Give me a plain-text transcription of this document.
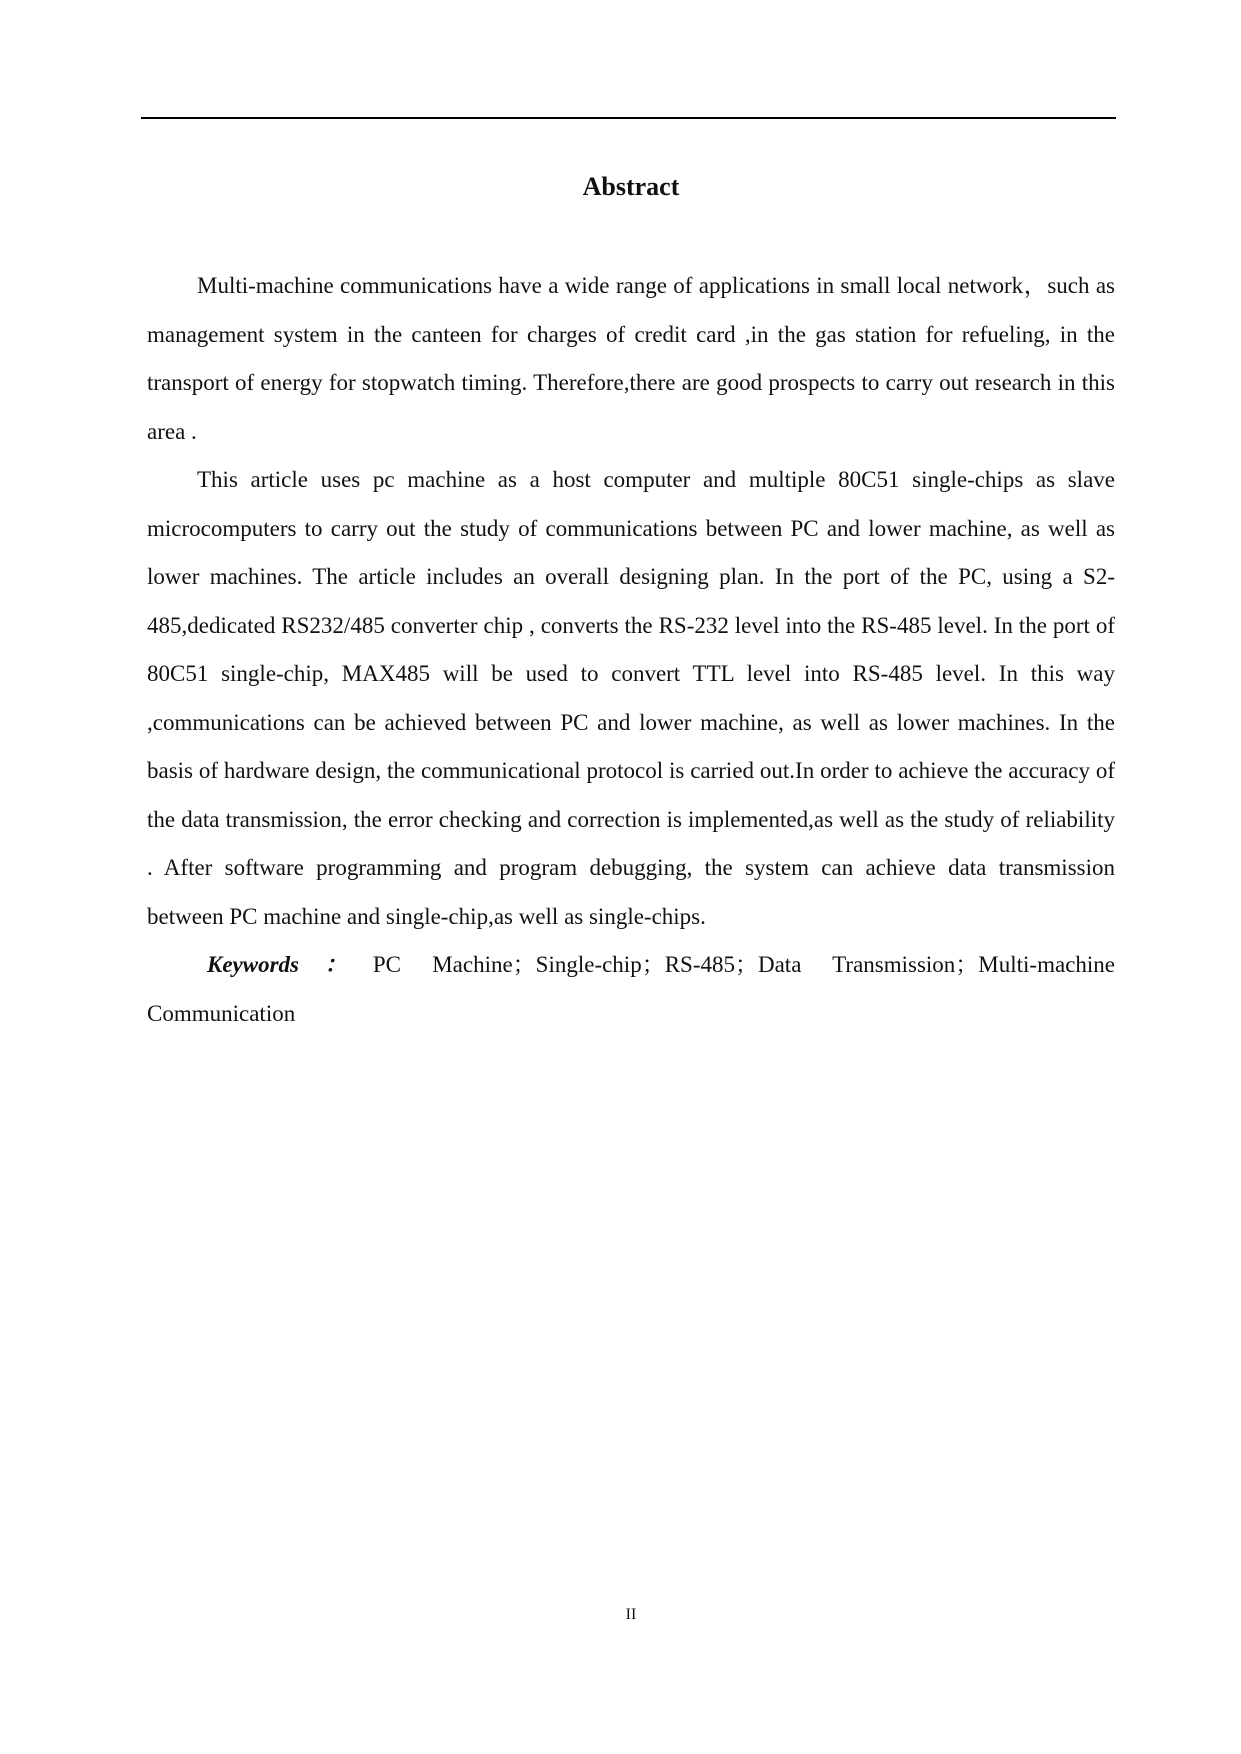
Abstract

Multi-machine communications have a wide range of applications in small local network，such as management system in the canteen for charges of credit card ,in the gas station for refueling, in the transport of energy for stopwatch timing. Therefore,there are good prospects to carry out research in this area .

This article uses pc machine as a host computer and multiple 80C51 single-chips as slave microcomputers to carry out the study of communications between PC and lower machine, as well as lower machines. The article includes an overall designing plan. In the port of the PC, using a S2-485,dedicated RS232/485 converter chip , converts the RS-232 level into the RS-485 level. In the port of 80C51 single-chip, MAX485 will be used to convert TTL level into RS-485 level. In this way ,communications can be achieved between PC and lower machine, as well as lower machines. In the basis of hardware design, the communicational protocol is carried out.In order to achieve the accuracy of the data transmission, the error checking and correction is implemented,as well as the study of reliability . After software programming and program debugging, the system can achieve data transmission between PC machine and single-chip,as well as single-chips.

Keywords：PC Machine；Single-chip；RS-485；Data Transmission；Multi-machine Communication

II
